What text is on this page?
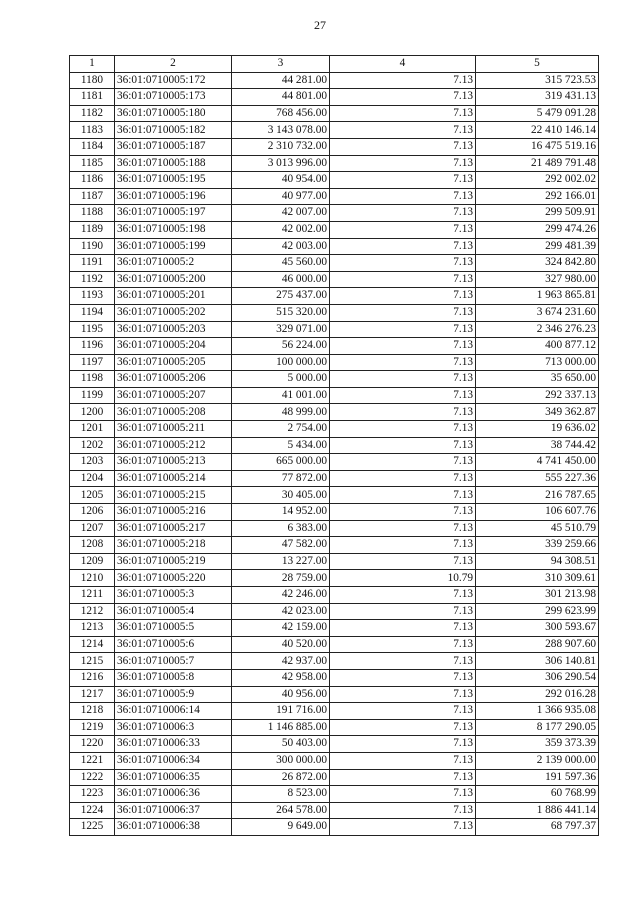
27
1	2	3	4	5
1180	36:01:0710005:172	44 281.00	7.13	315 723.53
1181	36:01:0710005:173	44 801.00	7.13	319 431.13
1182	36:01:0710005:180	768 456.00	7.13	5 479 091.28
1183	36:01:0710005:182	3 143 078.00	7.13	22 410 146.14
1184	36:01:0710005:187	2 310 732.00	7.13	16 475 519.16
1185	36:01:0710005:188	3 013 996.00	7.13	21 489 791.48
1186	36:01:0710005:195	40 954.00	7.13	292 002.02
1187	36:01:0710005:196	40 977.00	7.13	292 166.01
1188	36:01:0710005:197	42 007.00	7.13	299 509.91
1189	36:01:0710005:198	42 002.00	7.13	299 474.26
1190	36:01:0710005:199	42 003.00	7.13	299 481.39
1191	36:01:0710005:2	45 560.00	7.13	324 842.80
1192	36:01:0710005:200	46 000.00	7.13	327 980.00
1193	36:01:0710005:201	275 437.00	7.13	1 963 865.81
1194	36:01:0710005:202	515 320.00	7.13	3 674 231.60
1195	36:01:0710005:203	329 071.00	7.13	2 346 276.23
1196	36:01:0710005:204	56 224.00	7.13	400 877.12
1197	36:01:0710005:205	100 000.00	7.13	713 000.00
1198	36:01:0710005:206	5 000.00	7.13	35 650.00
1199	36:01:0710005:207	41 001.00	7.13	292 337.13
1200	36:01:0710005:208	48 999.00	7.13	349 362.87
1201	36:01:0710005:211	2 754.00	7.13	19 636.02
1202	36:01:0710005:212	5 434.00	7.13	38 744.42
1203	36:01:0710005:213	665 000.00	7.13	4 741 450.00
1204	36:01:0710005:214	77 872.00	7.13	555 227.36
1205	36:01:0710005:215	30 405.00	7.13	216 787.65
1206	36:01:0710005:216	14 952.00	7.13	106 607.76
1207	36:01:0710005:217	6 383.00	7.13	45 510.79
1208	36:01:0710005:218	47 582.00	7.13	339 259.66
1209	36:01:0710005:219	13 227.00	7.13	94 308.51
1210	36:01:0710005:220	28 759.00	10.79	310 309.61
1211	36:01:0710005:3	42 246.00	7.13	301 213.98
1212	36:01:0710005:4	42 023.00	7.13	299 623.99
1213	36:01:0710005:5	42 159.00	7.13	300 593.67
1214	36:01:0710005:6	40 520.00	7.13	288 907.60
1215	36:01:0710005:7	42 937.00	7.13	306 140.81
1216	36:01:0710005:8	42 958.00	7.13	306 290.54
1217	36:01:0710005:9	40 956.00	7.13	292 016.28
1218	36:01:0710006:14	191 716.00	7.13	1 366 935.08
1219	36:01:0710006:3	1 146 885.00	7.13	8 177 290.05
1220	36:01:0710006:33	50 403.00	7.13	359 373.39
1221	36:01:0710006:34	300 000.00	7.13	2 139 000.00
1222	36:01:0710006:35	26 872.00	7.13	191 597.36
1223	36:01:0710006:36	8 523.00	7.13	60 768.99
1224	36:01:0710006:37	264 578.00	7.13	1 886 441.14
1225	36:01:0710006:38	9 649.00	7.13	68 797.37
